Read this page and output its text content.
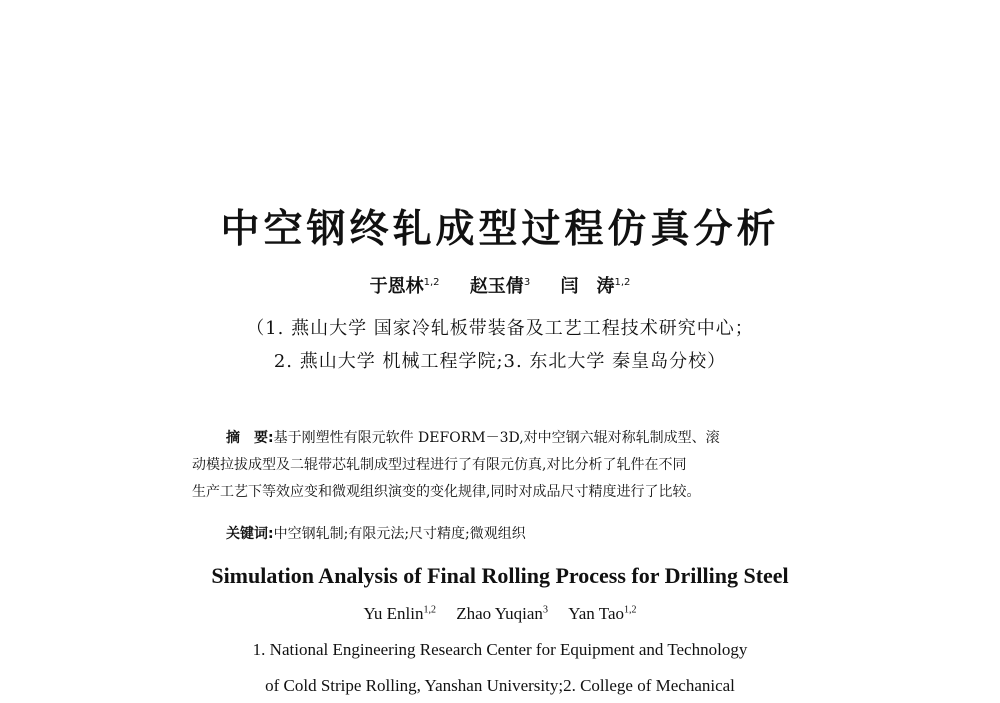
中空钢终轧成型过程仿真分析
于恩林$^{1,2}$ 赵玉倩$^3$ 闫　涛$^{1,2}$
（1. 燕山大学 国家冷轧板带装备及工艺工程技术研究中心；
2. 燕山大学 机械工程学院;3. 东北大学 秦皇岛分校）
摘　要:基于刚塑性有限元软件 DEFORM－3D,对中空钢六辊对称轧制成型、滚
动模拉拔成型及二辊带芯轧制成型过程进行了有限元仿真,对比分析了轧件在不同
生产工艺下等效应变和微观组织演变的变化规律,同时对成品尺寸精度进行了比较。
关键词:中空钢轧制;有限元法;尺寸精度;微观组织
Simulation Analysis of Final Rolling Process for Drilling Steel
Yu Enlin$^{1,2}$ Zhao Yuqian$^3$ Yan Tao$^{1,2}$
1. National Engineering Research Center for Equipment and Technology
of Cold Stripe Rolling, Yanshan University;2. College of Mechanical
